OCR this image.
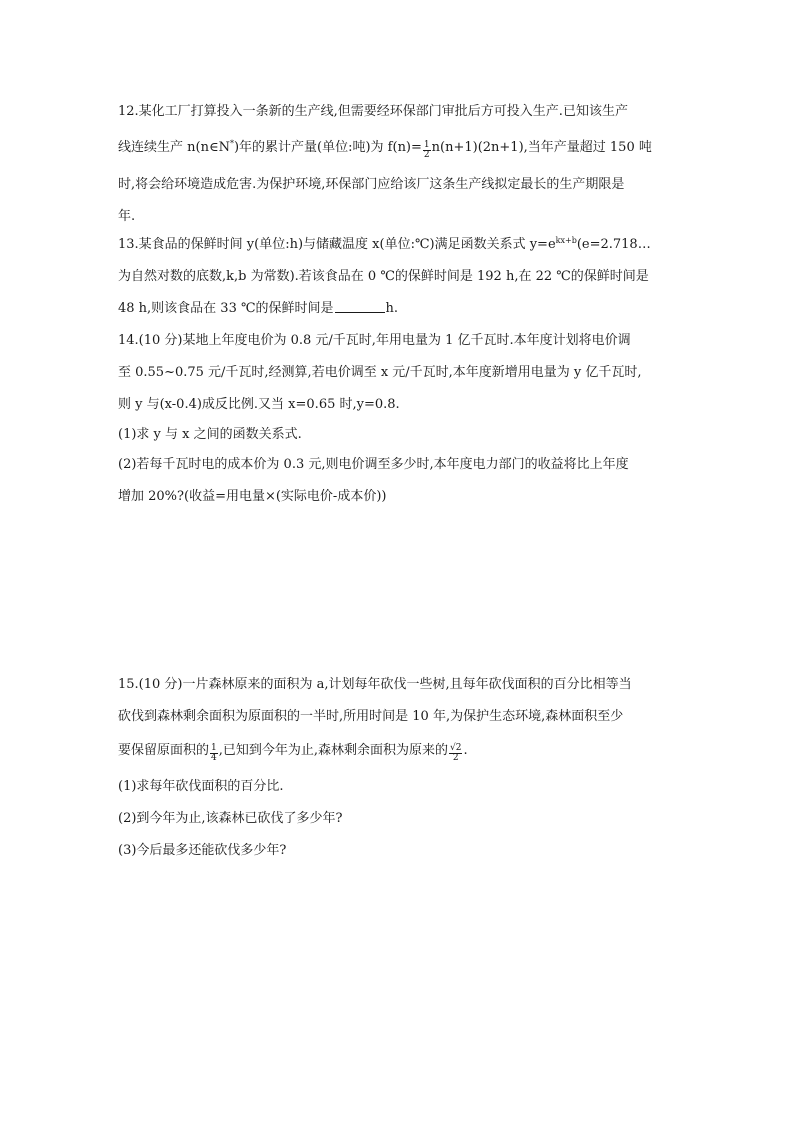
12.某化工厂打算投入一条新的生产线,但需要经环保部门审批后方可投入生产.已知该生产
线连续生产 n(n∈N*)年的累计产量(单位:吨)为 $f(n)= \frac{1}{2} n(n+1)(2n+1)$,当年产量超过 150 吨
时,将会给环境造成危害.为保护环境,环保部门应给该厂这条生产线拟定最长的生产期限是
年.
13.某食品的保鲜时间 y(单位:h)与储藏温度 x(单位:℃)满足函数关系式 $y=e^{kx+b}(e=2.718\dots$
为自然对数的底数,k,b 为常数).若该食品在 0 ℃的保鲜时间是 192 h,在 22 ℃的保鲜时间是
48 h,则该食品在 33 ℃的保鲜时间是	h.
14.(10 分)某地上年度电价为 0.8 元/千瓦时,年用电量为 1 亿千瓦时.本年度计划将电价调
至 0.55~0.75 元/千瓦时,经测算,若电价调至 x 元/千瓦时,本年度新增用电量为 y 亿千瓦时,
则 y 与(x-0.4)成反比例.又当 x=0.65 时,y=0.8.
(1)求 y 与 x 之间的函数关系式.
(2)若每千瓦时电的成本价为 0.3 元,则电价调至多少时,本年度电力部门的收益将比上年度
增加 20%?(收益=用电量×(实际电价-成本价))
15.(10 分)一片森林原来的面积为 a,计划每年砍伐一些树,且每年砍伐面积的百分比相等当
砍伐到森林剩余面积为原面积的一半时,所用时间是 10 年,为保护生态环境,森林面积至少
要保留原面积的 $\frac{1}{4}$ ,已知到今年为止,森林剩余面积为原来的 $\frac{√2}{2}$ .
(1)求每年砍伐面积的百分比.
(2)到今年为止,该森林已砍伐了多少年?
(3)今后最多还能砍伐多少年?
